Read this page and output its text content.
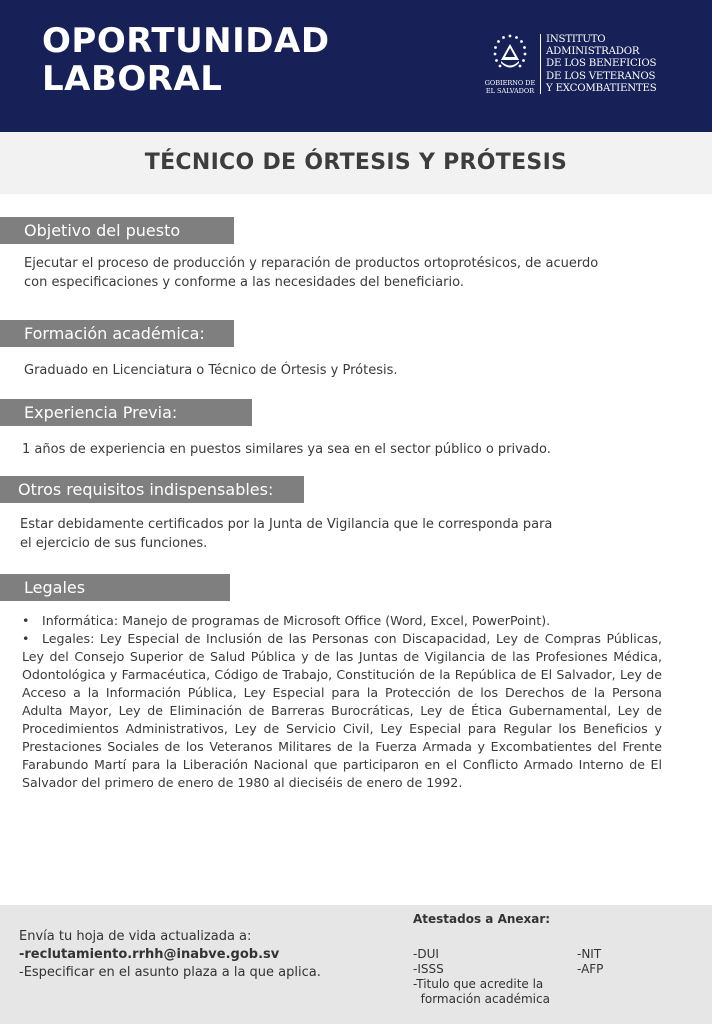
OPORTUNIDAD
LABORAL	GOBIERNO DE
EL SALVADOR
INSTITUTO
ADMINISTRADOR
DE LOS BENEFICIOS
DE LOS VETERANOS
Y EXCOMBATIENTES
TÉCNICO DE ÓRTESIS Y PRÓTESIS
Objetivo del puesto
Ejecutar el proceso de producción y reparación de productos ortoprotésicos, de acuerdo
con especificaciones y conforme a las necesidades del beneficiario.
Formación académica:
Graduado en Licenciatura o Técnico de Órtesis y Prótesis.
Experiencia Previa:
1 años de experiencia en puestos similares ya sea en el sector público o privado.
Otros requisitos indispensables:
Estar debidamente certificados por la Junta de Vigilancia que le corresponda para
el ejercicio de sus funciones.
Legales

• Informática: Manejo de programas de Microsoft Office (Word, Excel, PowerPoint).

• Legales: Ley Especial de Inclusión de las Personas con Discapacidad, Ley de Compras Públicas, Ley del Consejo Superior de Salud Pública y de las Juntas de Vigilancia de las Profesiones Médica, Odontológica y Farmacéutica, Código de Trabajo, Constitución de la República de El Salvador, Ley de Acceso a la Información Pública, Ley Especial para la Protección de los Derechos de la Persona Adulta Mayor, Ley de Eliminación de Barreras Burocráticas, Ley de Ética Gubernamental, Ley de Procedimientos Administrativos, Ley de Servicio Civil, Ley Especial para Regular los Beneficios y Prestaciones Sociales de los Veteranos Militares de la Fuerza Armada y Excombatientes del Frente Farabundo Martí para la Liberación Nacional que participaron en el Conflicto Armado Interno de El Salvador del primero de enero de 1980 al dieciséis de enero de 1992.

Envía tu hoja de vida actualizada a:
-reclutamiento.rrhh@inabve.gob.sv
-Especificar en el asunto plaza a la que aplica.
Atestados a Anexar:
-DUI
-ISSS
-Titulo que acredite la
formación académica
-NIT
-AFP
